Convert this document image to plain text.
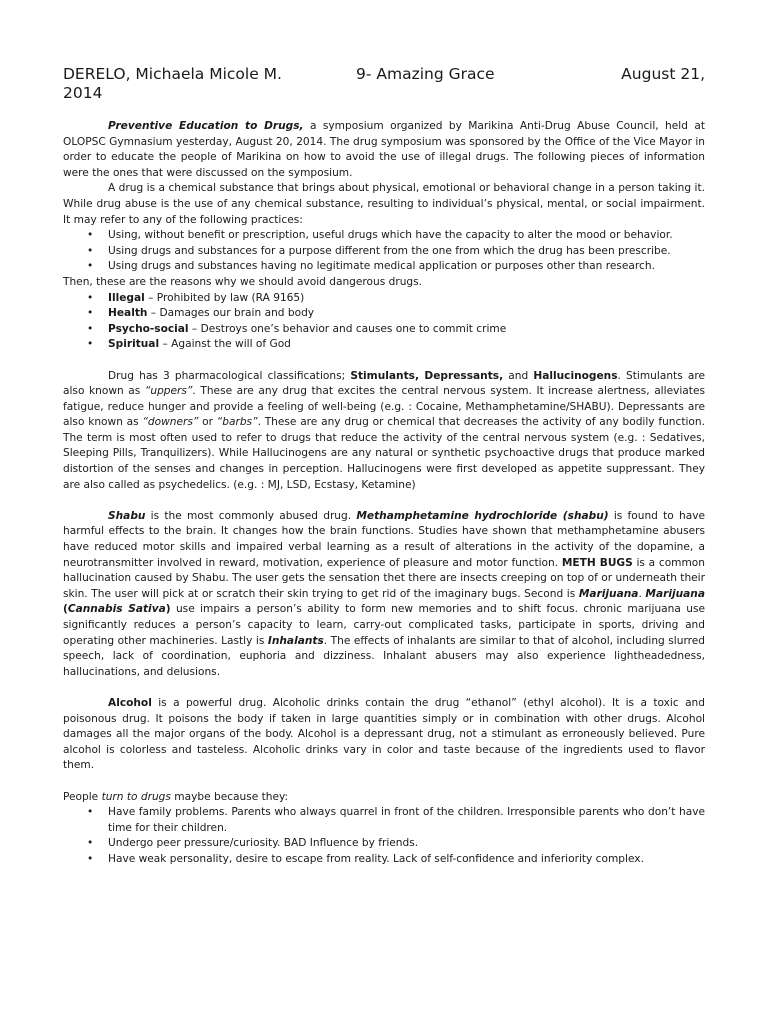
DERELO, Michaela Micole M.	9- Amazing Grace	August 21,
2014

Preventive Education to Drugs, a symposium organized by Marikina Anti-Drug Abuse Council, held at OLOPSC Gymnasium yesterday, August 20, 2014. The drug symposium was sponsored by the Office of the Vice Mayor in order to educate the people of Marikina on how to avoid the use of illegal drugs. The following pieces of information were the ones that were discussed on the symposium.

A drug is a chemical substance that brings about physical, emotional or behavioral change in a person taking it. While drug abuse is the use of any chemical substance, resulting to individual’s physical, mental, or social impairment. It may refer to any of the following practices:

• Using, without benefit or prescription, useful drugs which have the capacity to alter the mood or behavior.
• Using drugs and substances for a purpose different from the one from which the drug has been prescribe.
• Using drugs and substances having no legitimate medical application or purposes other than research.

Then, these are the reasons why we should avoid dangerous drugs.

• Illegal – Prohibited by law (RA 9165)
• Health – Damages our brain and body
• Psycho-social – Destroys one’s behavior and causes one to commit crime
• Spiritual – Against the will of God

Drug has 3 pharmacological classifications; Stimulants, Depressants, and Hallucinogens. Stimulants are also known as “uppers”. These are any drug that excites the central nervous system. It increase alertness, alleviates fatigue, reduce hunger and provide a feeling of well-being (e.g. : Cocaine, Methamphetamine/SHABU). Depressants are also known as “downers” or “barbs”. These are any drug or chemical that decreases the activity of any bodily function. The term is most often used to refer to drugs that reduce the activity of the central nervous system (e.g. : Sedatives, Sleeping Pills, Tranquilizers). While Hallucinogens are any natural or synthetic psychoactive drugs that produce marked distortion of the senses and changes in perception. Hallucinogens were first developed as appetite suppressant. They are also called as psychedelics. (e.g. : MJ, LSD, Ecstasy, Ketamine)

Shabu is the most commonly abused drug. Methamphetamine hydrochloride (shabu) is found to have harmful effects to the brain. It changes how the brain functions. Studies have shown that methamphetamine abusers have reduced motor skills and impaired verbal learning as a result of alterations in the activity of the dopamine, a neurotransmitter involved in reward, motivation, experience of pleasure and motor function. METH BUGS is a common hallucination caused by Shabu. The user gets the sensation thet there are insects creeping on top of or underneath their skin. The user will pick at or scratch their skin trying to get rid of the imaginary bugs. Second is Marijuana. Marijuana (Cannabis Sativa) use impairs a person’s ability to form new memories and to shift focus. chronic marijuana use significantly reduces a person’s capacity to learn, carry-out complicated tasks, participate in sports, driving and operating other machineries. Lastly is Inhalants. The effects of inhalants are similar to that of alcohol, including slurred speech, lack of coordination, euphoria and dizziness. Inhalant abusers may also experience lightheadedness, hallucinations, and delusions.

Alcohol is a powerful drug. Alcoholic drinks contain the drug “ethanol” (ethyl alcohol). It is a toxic and poisonous drug. It poisons the body if taken in large quantities simply or in combination with other drugs. Alcohol damages all the major organs of the body. Alcohol is a depressant drug, not a stimulant as erroneously believed. Pure alcohol is colorless and tasteless. Alcoholic drinks vary in color and taste because of the ingredients used to flavor them.

People turn to drugs maybe because they:

• Have family problems. Parents who always quarrel in front of the children. Irresponsible parents who don’t have time for their children.
• Undergo peer pressure/curiosity. BAD Influence by friends.
• Have weak personality, desire to escape from reality. Lack of self-confidence and inferiority complex.
